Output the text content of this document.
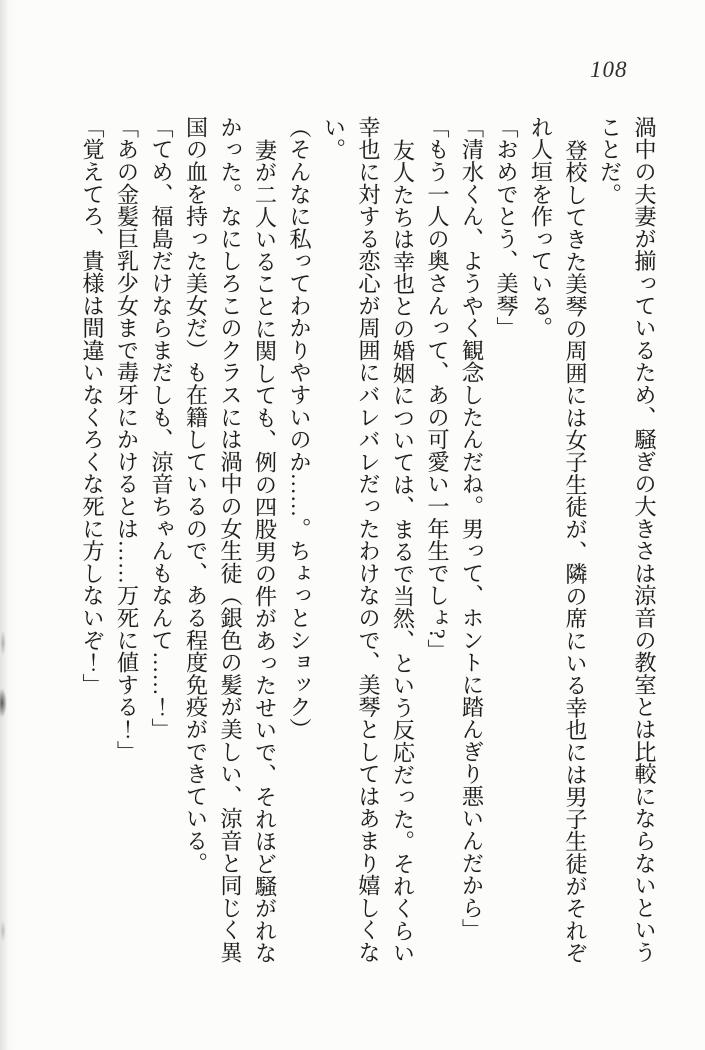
108
渦中の夫妻が揃っているため、騒ぎの大きさは涼音の教室とは比較にならないという
ことだ。
登校してきた美琴の周囲には女子生徒が、隣の席にいる幸也には男子生徒がそれぞ
れ人垣を作っている。
「おめでとう、美琴」
「清水くん、ようやく観念したんだね。男って、ホントに踏んぎり悪いんだから」
「もう一人の奥さんって、あの可愛い一年生でしょ?」
友人たちは幸也との婚姻については、まるで当然、という反応だった。それくらい
幸也に対する恋心が周囲にバレバレだったわけなので、美琴としてはあまり嬉しくな
い。
（そんなに私ってわかりやすいのか……。ちょっとショック）
妻が二人いることに関しても、例の四股男の件があったせいで、それほど騒がれな
かった。なにしろこのクラスには渦中の女生徒（銀色の髪が美しい、涼音と同じく異
国の血を持った美女だ）も在籍しているので、ある程度免疫ができている。
「てめ、福島だけならまだしも、涼音ちゃんもなんて……！」
「あの金髪巨乳少女まで毒牙にかけるとは……万死に値する！」
「覚えてろ、貴様は間違いなくろくな死に方しないぞ！」
